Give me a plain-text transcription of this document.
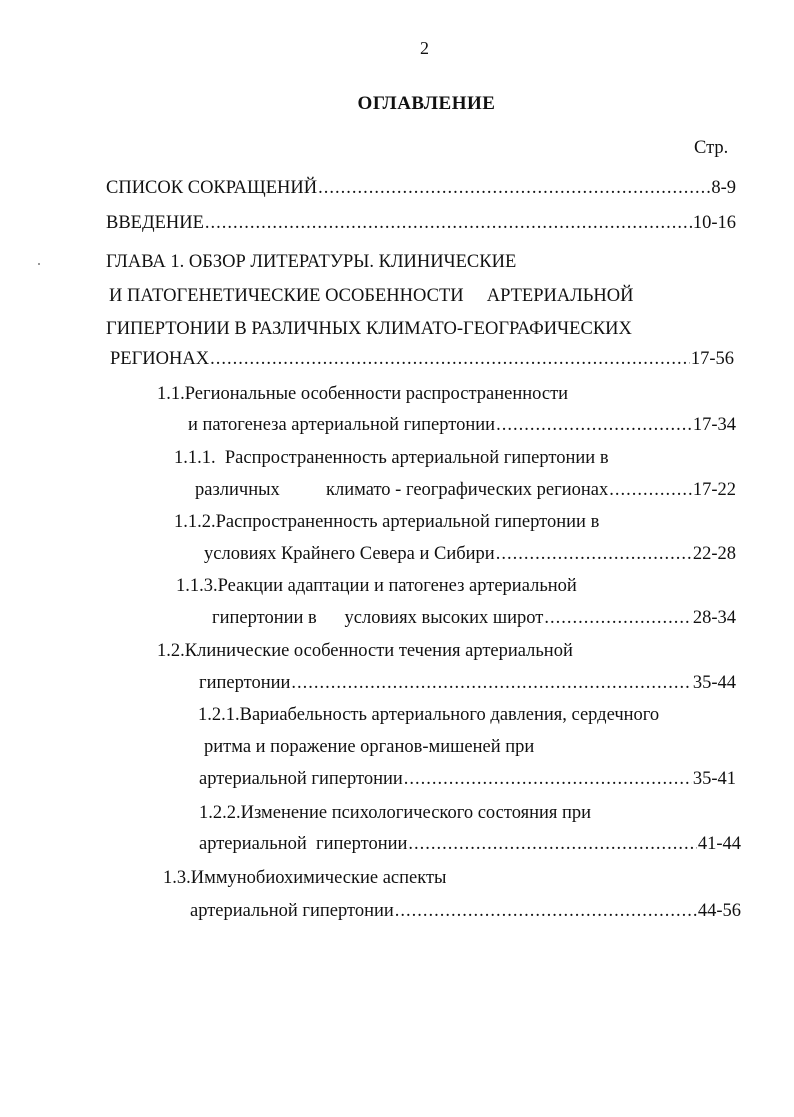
2
ОГЛАВЛЕНИЕ
Стр.
СПИСОК СОКРАЩЕНИЙ .....	8-9
ВВЕДЕНИЕ .....	10-16
ГЛАВА 1. ОБЗОР ЛИТЕРАТУРЫ. КЛИНИЧЕСКИЕ
И ПАТОГЕНЕТИЧЕСКИЕ ОСОБЕННОСТИ     АРТЕРИАЛЬНОЙ
ГИПЕРТОНИИ В РАЗЛИЧНЫХ КЛИМАТО-ГЕОГРАФИЧЕСКИХ
РЕГИОНАХ .....	17-56
1.1.Региональные особенности распространенности
и патогенеза артериальной гипертонии .....	17-34
1.1.1.  Распространенность артериальной гипертонии в
различных          климато - географических регионах .....	17-22
1.1.2.Распространенность артериальной гипертонии в
условиях Крайнего Севера и Сибири .....	22-28
1.1.3.Реакции адаптации и патогенез артериальной
гипертонии в      условиях высоких широт .....	28-34
1.2.Клинические особенности течения артериальной
гипертонии .....	35-44
1.2.1.Вариабельность артериального давления, сердечного
ритма и поражение органов-мишеней при
артериальной гипертонии .....	35-41
1.2.2.Изменение психологического состояния при
артериальной  гипертонии .....	41-44
1.3.Иммунобиохимические аспекты
артериальной гипертонии .....	44-56
